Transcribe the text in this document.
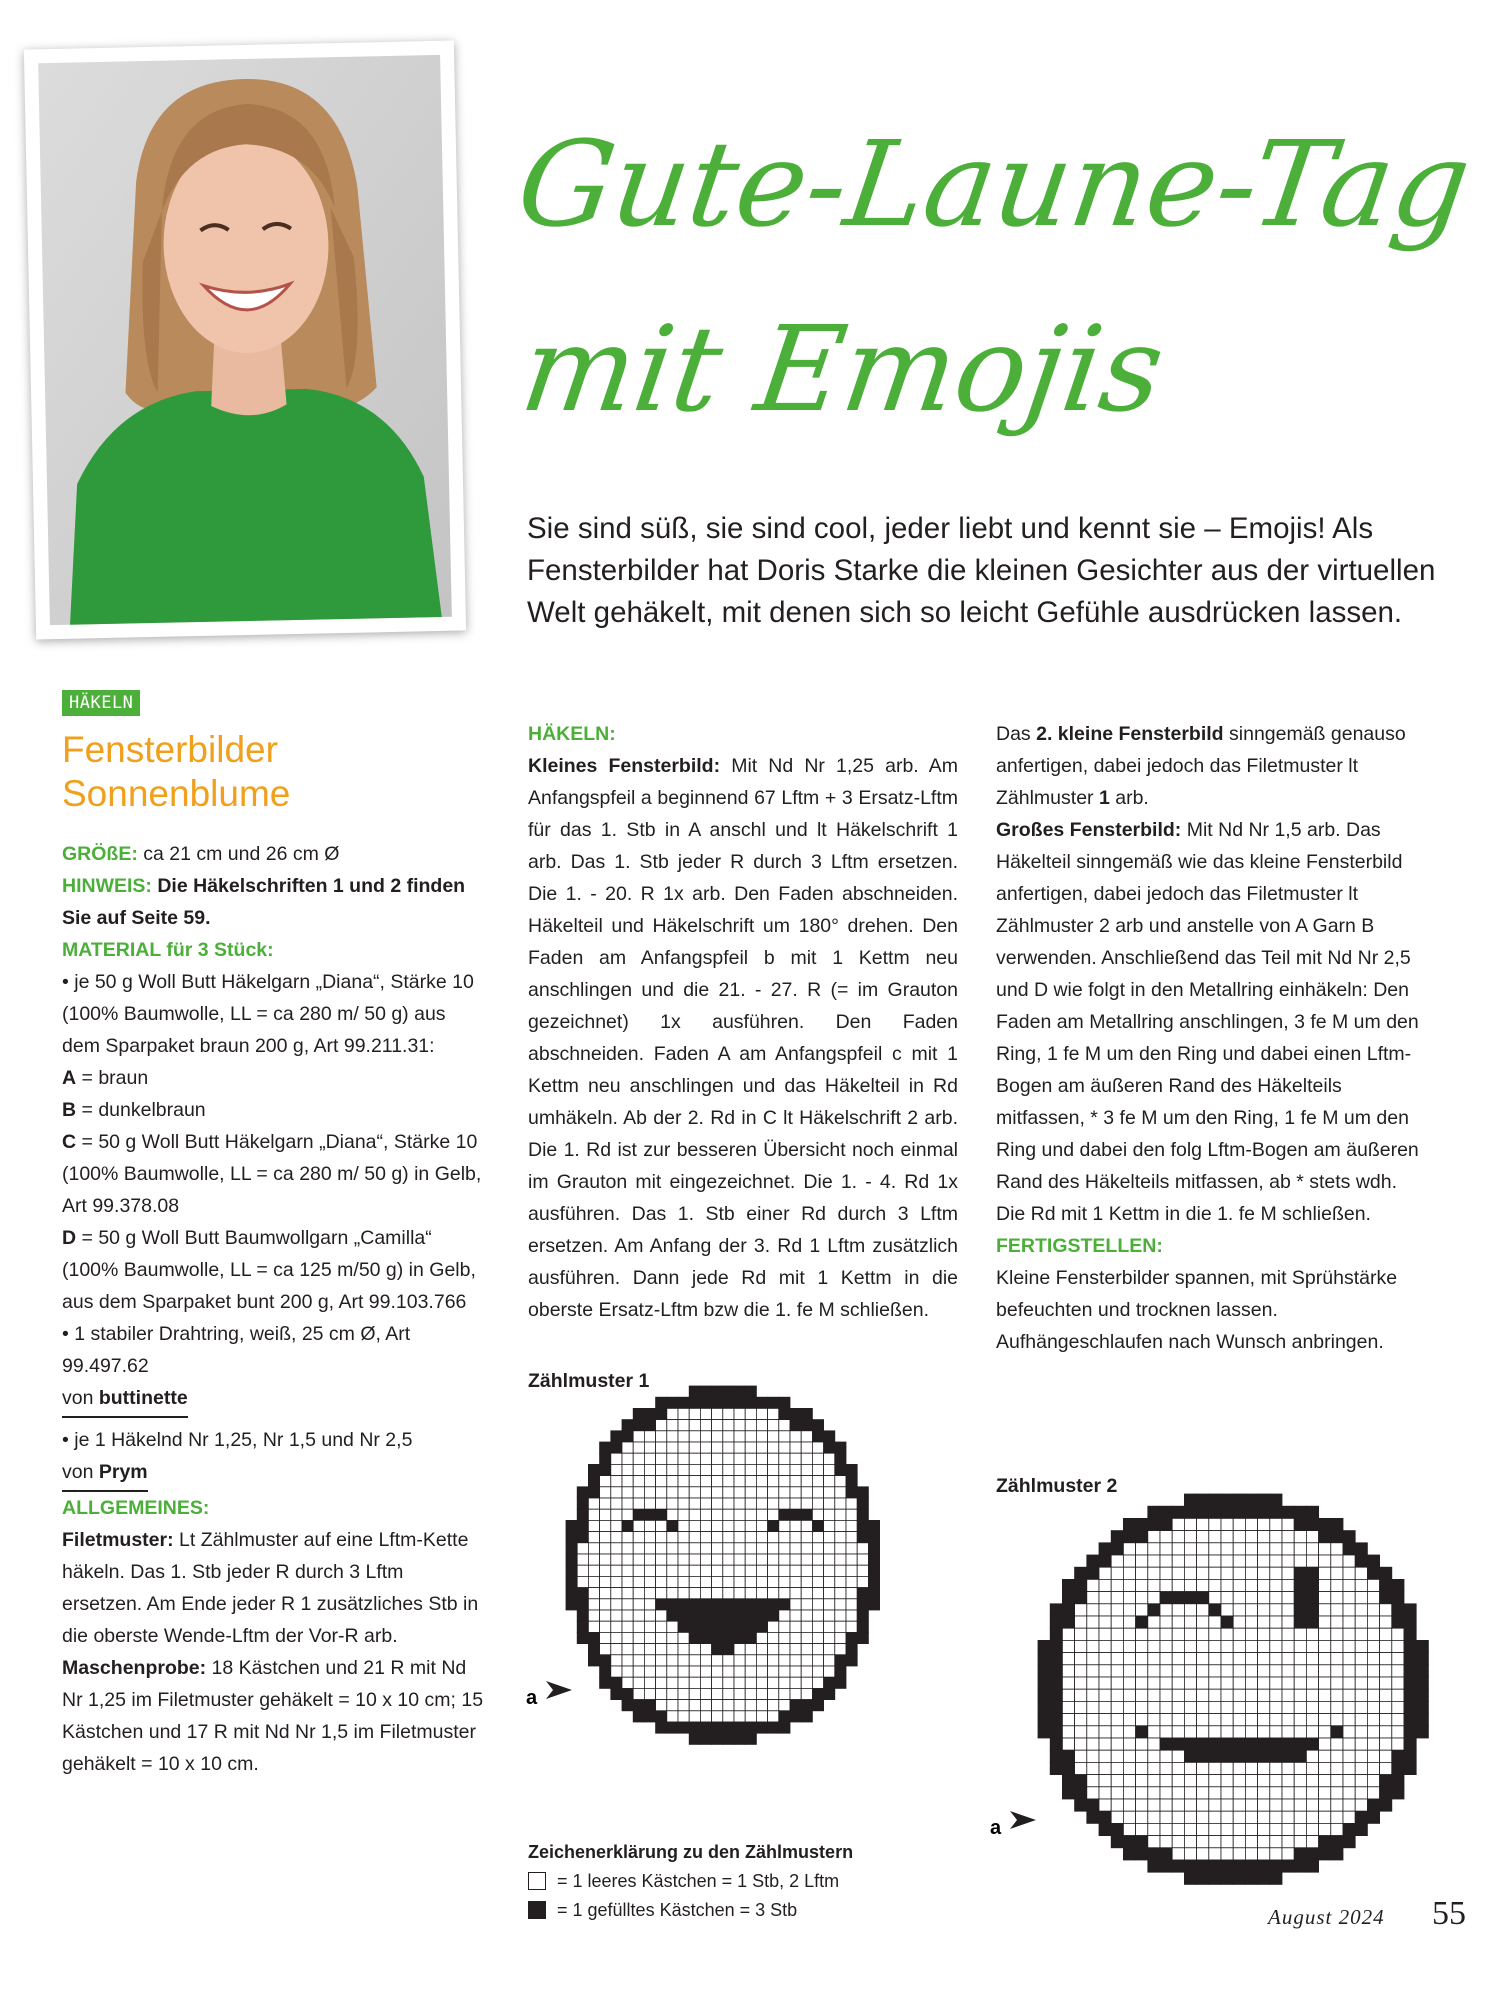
Gute-Laune-Tag
mit Emojis
Sie sind süß, sie sind cool, jeder liebt und kennt sie – Emojis! Als Fensterbilder hat Doris Starke die kleinen Gesichter aus der virtuellen Welt gehäkelt, mit denen sich so leicht Gefühle ausdrücken lassen.
HÄKELN
Fensterbilder
Sonnenblume

GRÖßE: ca 21 cm und 26 cm Ø

HINWEIS: Die Häkelschriften 1 und 2 finden Sie auf Seite 59.

MATERIAL für 3 Stück:

• je 50 g Woll Butt Häkelgarn „Diana“, Stärke 10 (100% Baumwolle, LL = ca 280 m/ 50 g) aus dem Sparpaket braun 200 g, Art 99.211.31:

A = braun

B = dunkelbraun

C = 50 g Woll Butt Häkelgarn „Diana“, Stärke 10 (100% Baumwolle, LL = ca 280 m/ 50 g) in Gelb, Art 99.378.08

D = 50 g Woll Butt Baumwollgarn „Camilla“ (100% Baumwolle, LL = ca 125 m/50 g) in Gelb, aus dem Sparpaket bunt 200 g, Art 99.103.766

• 1 stabiler Drahtring, weiß, 25 cm Ø, Art 99.497.62

von buttinette

• je 1 Häkelnd Nr 1,25, Nr 1,5 und Nr 2,5

von Prym

ALLGEMEINES:

Filetmuster: Lt Zählmuster auf eine Lftm-Kette häkeln. Das 1. Stb jeder R durch 3 Lftm ersetzen. Am Ende jeder R 1 zusätzliches Stb in die oberste Wende-Lftm der Vor-R arb.

Maschenprobe: 18 Kästchen und 21 R mit Nd Nr 1,25 im Filetmuster gehäkelt = 10 x 10 cm; 15 Kästchen und 17 R mit Nd Nr 1,5 im Filetmuster gehäkelt = 10 x 10 cm.

HÄKELN:

Kleines Fensterbild: Mit Nd Nr 1,25 arb. Am Anfangspfeil a beginnend 67 Lftm + 3 Ersatz-Lftm für das 1. Stb in A anschl und lt Häkelschrift 1 arb. Das 1. Stb jeder R durch 3 Lftm ersetzen. Die 1. - 20. R 1x arb. Den Faden abschneiden. Häkelteil und Häkelschrift um 180° drehen. Den Faden am Anfangspfeil b mit 1 Kettm neu anschlingen und die 21. - 27. R (= im Grauton gezeichnet) 1x ausführen. Den Faden abschneiden. Faden A am Anfangspfeil c mit 1 Kettm neu anschlingen und das Häkelteil in Rd umhäkeln. Ab der 2. Rd in C lt Häkelschrift 2 arb. Die 1. Rd ist zur besseren Übersicht noch einmal im Grauton mit eingezeichnet. Die 1. - 4. Rd 1x ausführen. Das 1. Stb einer Rd durch 3 Lftm ersetzen. Am Anfang der 3. Rd 1 Lftm zusätzlich ausführen. Dann jede Rd mit 1 Kettm in die oberste Ersatz-Lftm bzw die 1. fe M schließen.

Zählmuster 1
a
Zeichenerklärung zu den Zählmustern
= 1 leeres Kästchen = 1 Stb, 2 Lftm
= 1 gefülltes Kästchen = 3 Stb

Das 2. kleine Fensterbild sinngemäß genauso anfertigen, dabei jedoch das Filetmuster lt Zählmuster 1 arb.

Großes Fensterbild: Mit Nd Nr 1,5 arb. Das Häkelteil sinngemäß wie das kleine Fensterbild anfertigen, dabei jedoch das Filetmuster lt Zählmuster 2 arb und anstelle von A Garn B verwenden. Anschließend das Teil mit Nd Nr 2,5 und D wie folgt in den Metallring einhäkeln: Den Faden am Metallring anschlingen, 3 fe M um den Ring, 1 fe M um den Ring und dabei einen Lftm-Bogen am äußeren Rand des Häkelteils mitfassen, * 3 fe M um den Ring, 1 fe M um den Ring und dabei den folg Lftm-Bogen am äußeren Rand des Häkelteils mitfassen, ab * stets wdh. Die Rd mit 1 Kettm in die 1. fe M schließen.

FERTIGSTELLEN:

Kleine Fensterbilder spannen, mit Sprühstärke befeuchten und trocknen lassen. Aufhängeschlaufen nach Wunsch anbringen.

Zählmuster 2
a
August 2024 55
